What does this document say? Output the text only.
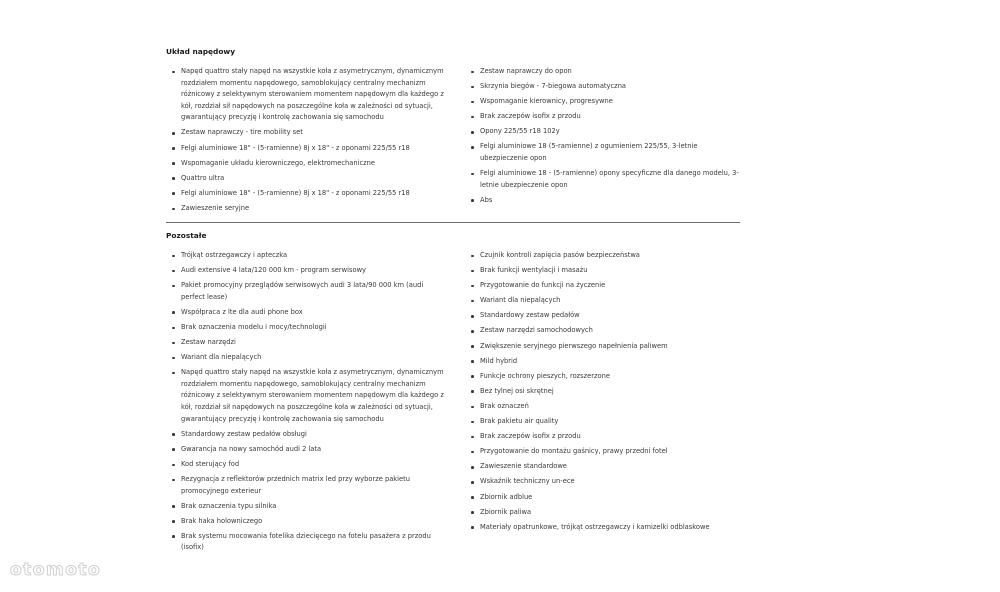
Układ napędowy
Napęd quattro stały napęd na wszystkie koła z asymetrycznym, dynamicznym rozdziałem momentu napędowego, samoblokujący centralny mechanizm różnicowy z selektywnym sterowaniem momentem napędowym dla każdego z kół, rozdział sił napędowych na poszczególne koła w zależności od sytuacji, gwarantujący precyzję i kontrolę zachowania się samochodu
Zestaw naprawczy - tire mobility set
Felgi aluminiowe 18" - (5-ramienne) 8j x 18" - z oponami 225/55 r18
Wspomaganie układu kierowniczego, elektromechaniczne
Quattro ultra
Felgi aluminiowe 18" - (5-ramienne) 8j x 18" - z oponami 225/55 r18
Zawieszenie seryjne
Zestaw naprawczy do opon
Skrzynia biegów - 7-biegowa automatyczna
Wspomaganie kierownicy, progresywne
Brak zaczepów isofix z przodu
Opony 225/55 r18 102y
Felgi aluminiowe 18 (5-ramienne) z ogumieniem 225/55, 3-letnie ubezpieczenie opon
Felgi aluminiowe 18 - (5-ramienne) opony specyficzne dla danego modelu, 3-letnie ubezpieczenie opon
Abs
Pozostałe
Trójkąt ostrzegawczy i apteczka
Audi extensive 4 lata/120 000 km - program serwisowy
Pakiet promocyjny przeglądów serwisowych audi 3 lata/90 000 km (audi perfect lease)
Współpraca z lte dla audi phone box
Brak oznaczenia modelu i mocy/technologii
Zestaw narzędzi
Wariant dla niepalących
Napęd quattro stały napęd na wszystkie koła z asymetrycznym, dynamicznym rozdziałem momentu napędowego, samoblokujący centralny mechanizm różnicowy z selektywnym sterowaniem momentem napędowym dla każdego z kół, rozdział sił napędowych na poszczególne koła w zależności od sytuacji, gwarantujący precyzję i kontrolę zachowania się samochodu
Standardowy zestaw pedałów obsługi
Gwarancja na nowy samochód audi 2 lata
Kod sterujący fod
Rezygnacja z reflektorów przednich matrix led przy wyborze pakietu promocyjnego exterieur
Brak oznaczenia typu silnika
Brak haka holowniczego
Brak systemu mocowania fotelika dziecięcego na fotelu pasażera z przodu (isofix)
Czujnik kontroli zapięcia pasów bezpieczeństwa
Brak funkcji wentylacji i masażu
Przygotowanie do funkcji na życzenie
Wariant dla niepalących
Standardowy zestaw pedałów
Zestaw narzędzi samochodowych
Zwiększenie seryjnego pierwszego napełnienia paliwem
Mild hybrid
Funkcje ochrony pieszych, rozszerzone
Bez tylnej osi skrętnej
Brak oznaczeń
Brak pakietu air quality
Brak zaczepów isofix z przodu
Przygotowanie do montażu gaśnicy, prawy przedni fotel
Zawieszenie standardowe
Wskaźnik techniczny un-ece
Zbiornik adblue
Zbiornik paliwa
Materiały opatrunkowe, trójkąt ostrzegawczy i kamizelki odblaskowe
otomoto
